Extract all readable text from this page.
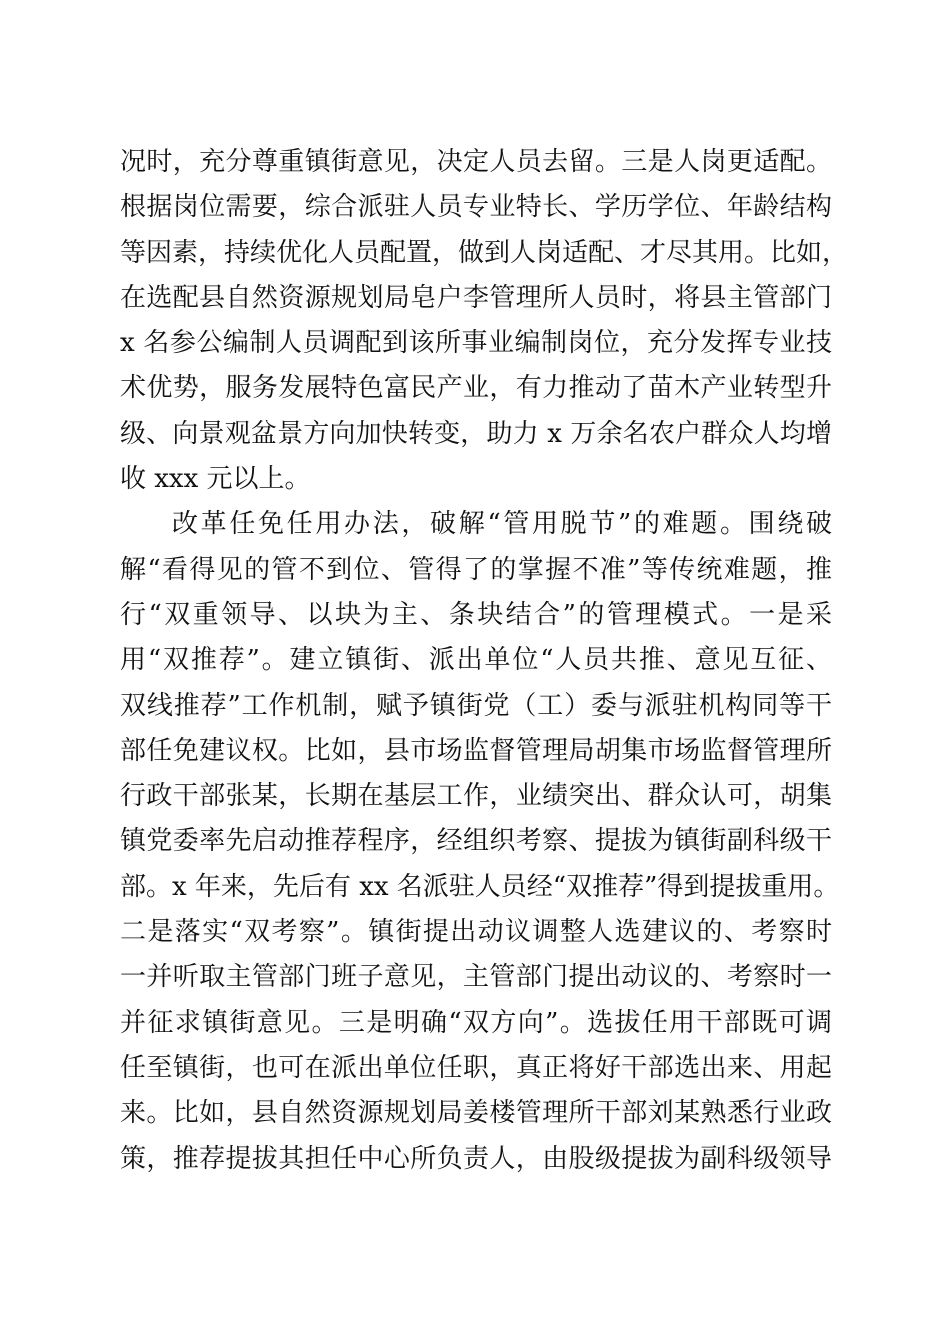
况时，充分尊重镇街意见，决定人员去留。三是人岗更适配。
根据岗位需要，综合派驻人员专业特长、学历学位、年龄结构
等因素，持续优化人员配置，做到人岗适配、才尽其用。比如，
在选配县自然资源规划局皂户李管理所人员时，将县主管部门
x 名参公编制人员调配到该所事业编制岗位，充分发挥专业技
术优势，服务发展特色富民产业，有力推动了苗木产业转型升
级、向景观盆景方向加快转变，助力 x 万余名农户群众人均增
收 xxx 元以上。
改革任免任用办法，破解“管用脱节”的难题。围绕破
解“看得见的管不到位、管得了的掌握不准”等传统难题，推
行“双重领导、以块为主、条块结合”的管理模式。一是采
用“双推荐”。建立镇街、派出单位“人员共推、意见互征、
双线推荐”工作机制，赋予镇街党（工）委与派驻机构同等干
部任免建议权。比如，县市场监督管理局胡集市场监督管理所
行政干部张某，长期在基层工作，业绩突出、群众认可，胡集
镇党委率先启动推荐程序，经组织考察、提拔为镇街副科级干
部。x 年来，先后有 xx 名派驻人员经“双推荐”得到提拔重用。
二是落实“双考察”。镇街提出动议调整人选建议的、考察时
一并听取主管部门班子意见，主管部门提出动议的、考察时一
并征求镇街意见。三是明确“双方向”。选拔任用干部既可调
任至镇街，也可在派出单位任职，真正将好干部选出来、用起
来。比如，县自然资源规划局姜楼管理所干部刘某熟悉行业政
策，推荐提拔其担任中心所负责人，由股级提拔为副科级领导
